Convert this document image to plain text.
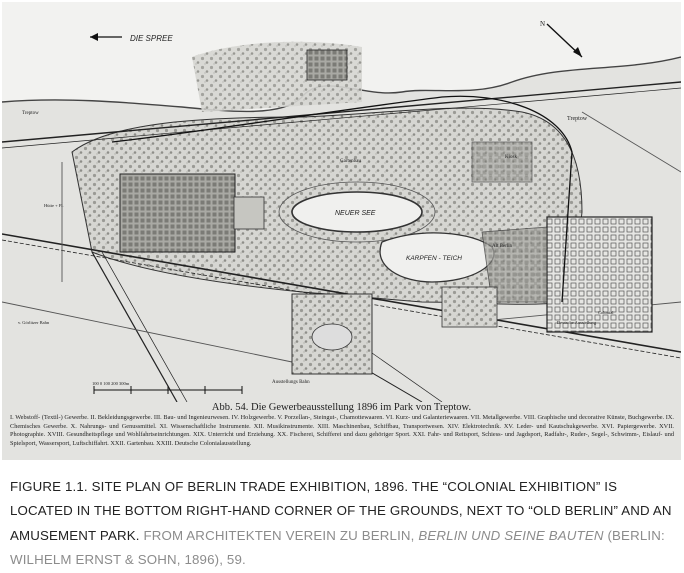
DIE SPREE
N
NEUER SEE
KARPFEN - TEICH
Treptow
Treptow
Gartenbau
Hütte + Fl.
v. Görlitzer Bahn
Ausstellungs Bahn
Alt Berlin
Deutsche Ausstellung
Colonial
Kiosk
100 0 100 200 300m
Abb. 54. Die Gewerbeausstellung 1896 im Park von Treptow.
I. Webstoff- (Textil-) Gewerbe. II. Bekleidungsgewerbe. III. Bau- und Ingenieurwesen. IV. Holzgewerbe. V. Porzellan-, Steingut-, Chamottewaaren. VI. Kurz- und Galanteriewaaren. VII. Metallgewerbe. VIII. Graphische und decorative Künste, Buchgewerbe. IX. Chemisches Gewerbe. X. Nahrungs- und Genussmittel. XI. Wissenschaftliche Instrumente. XII. Musikinstrumente. XIII. Maschinenbau, Schiffbau, Transportwesen. XIV. Elektrotechnik. XV. Leder- und Kautschukgewerbe. XVI. Papiergewerbe. XVII. Photographie. XVIII. Gesundheitspflege und Wohlfahrtseinrichtungen. XIX. Unterricht und Erziehung. XX. Fischerei, Schifferei und dazu gehöriger Sport. XXI. Fahr- und Reitsport, Schiess- und Jagdsport, Radfahr-, Ruder-, Segel-, Schwimm-, Eislauf- und Spielsport, Wassersport, Luftschiffahrt. XXII. Gartenbau. XXIII. Deutsche Colonialausstellung.
FIGURE 1.1. SITE PLAN OF BERLIN TRADE EXHIBITION, 1896. THE “COLONIAL EXHIBITION” IS LOCATED IN THE BOTTOM RIGHT-HAND CORNER OF THE GROUNDS, NEXT TO “OLD BERLIN” AND AN AMUSEMENT PARK. FROM ARCHITEKTEN VEREIN ZU BERLIN, BERLIN UND SEINE BAUTEN (BERLIN: WILHELM ERNST & SOHN, 1896), 59.
